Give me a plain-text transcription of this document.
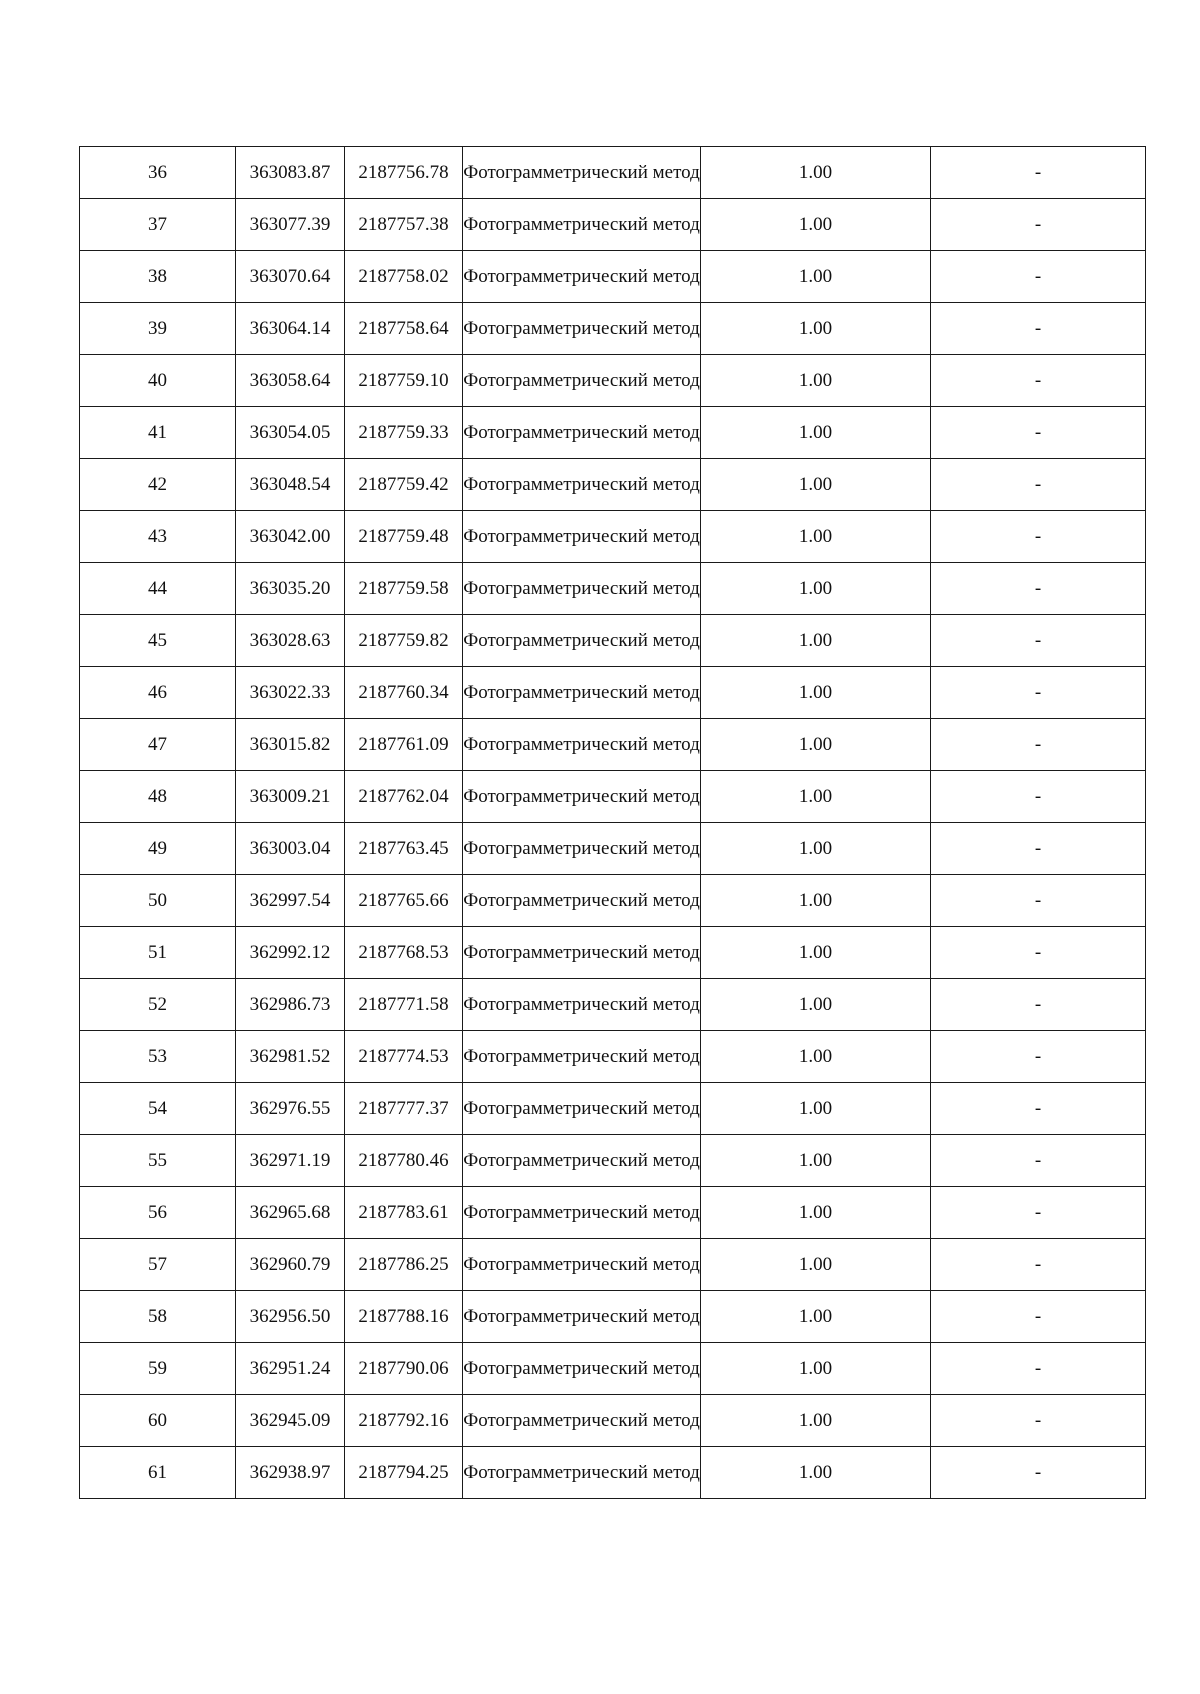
36	363083.87	2187756.78	Фотограмметрический метод	1.00	-
37	363077.39	2187757.38	Фотограмметрический метод	1.00	-
38	363070.64	2187758.02	Фотограмметрический метод	1.00	-
39	363064.14	2187758.64	Фотограмметрический метод	1.00	-
40	363058.64	2187759.10	Фотограмметрический метод	1.00	-
41	363054.05	2187759.33	Фотограмметрический метод	1.00	-
42	363048.54	2187759.42	Фотограмметрический метод	1.00	-
43	363042.00	2187759.48	Фотограмметрический метод	1.00	-
44	363035.20	2187759.58	Фотограмметрический метод	1.00	-
45	363028.63	2187759.82	Фотограмметрический метод	1.00	-
46	363022.33	2187760.34	Фотограмметрический метод	1.00	-
47	363015.82	2187761.09	Фотограмметрический метод	1.00	-
48	363009.21	2187762.04	Фотограмметрический метод	1.00	-
49	363003.04	2187763.45	Фотограмметрический метод	1.00	-
50	362997.54	2187765.66	Фотограмметрический метод	1.00	-
51	362992.12	2187768.53	Фотограмметрический метод	1.00	-
52	362986.73	2187771.58	Фотограмметрический метод	1.00	-
53	362981.52	2187774.53	Фотограмметрический метод	1.00	-
54	362976.55	2187777.37	Фотограмметрический метод	1.00	-
55	362971.19	2187780.46	Фотограмметрический метод	1.00	-
56	362965.68	2187783.61	Фотограмметрический метод	1.00	-
57	362960.79	2187786.25	Фотограмметрический метод	1.00	-
58	362956.50	2187788.16	Фотограмметрический метод	1.00	-
59	362951.24	2187790.06	Фотограмметрический метод	1.00	-
60	362945.09	2187792.16	Фотограмметрический метод	1.00	-
61	362938.97	2187794.25	Фотограмметрический метод	1.00	-
